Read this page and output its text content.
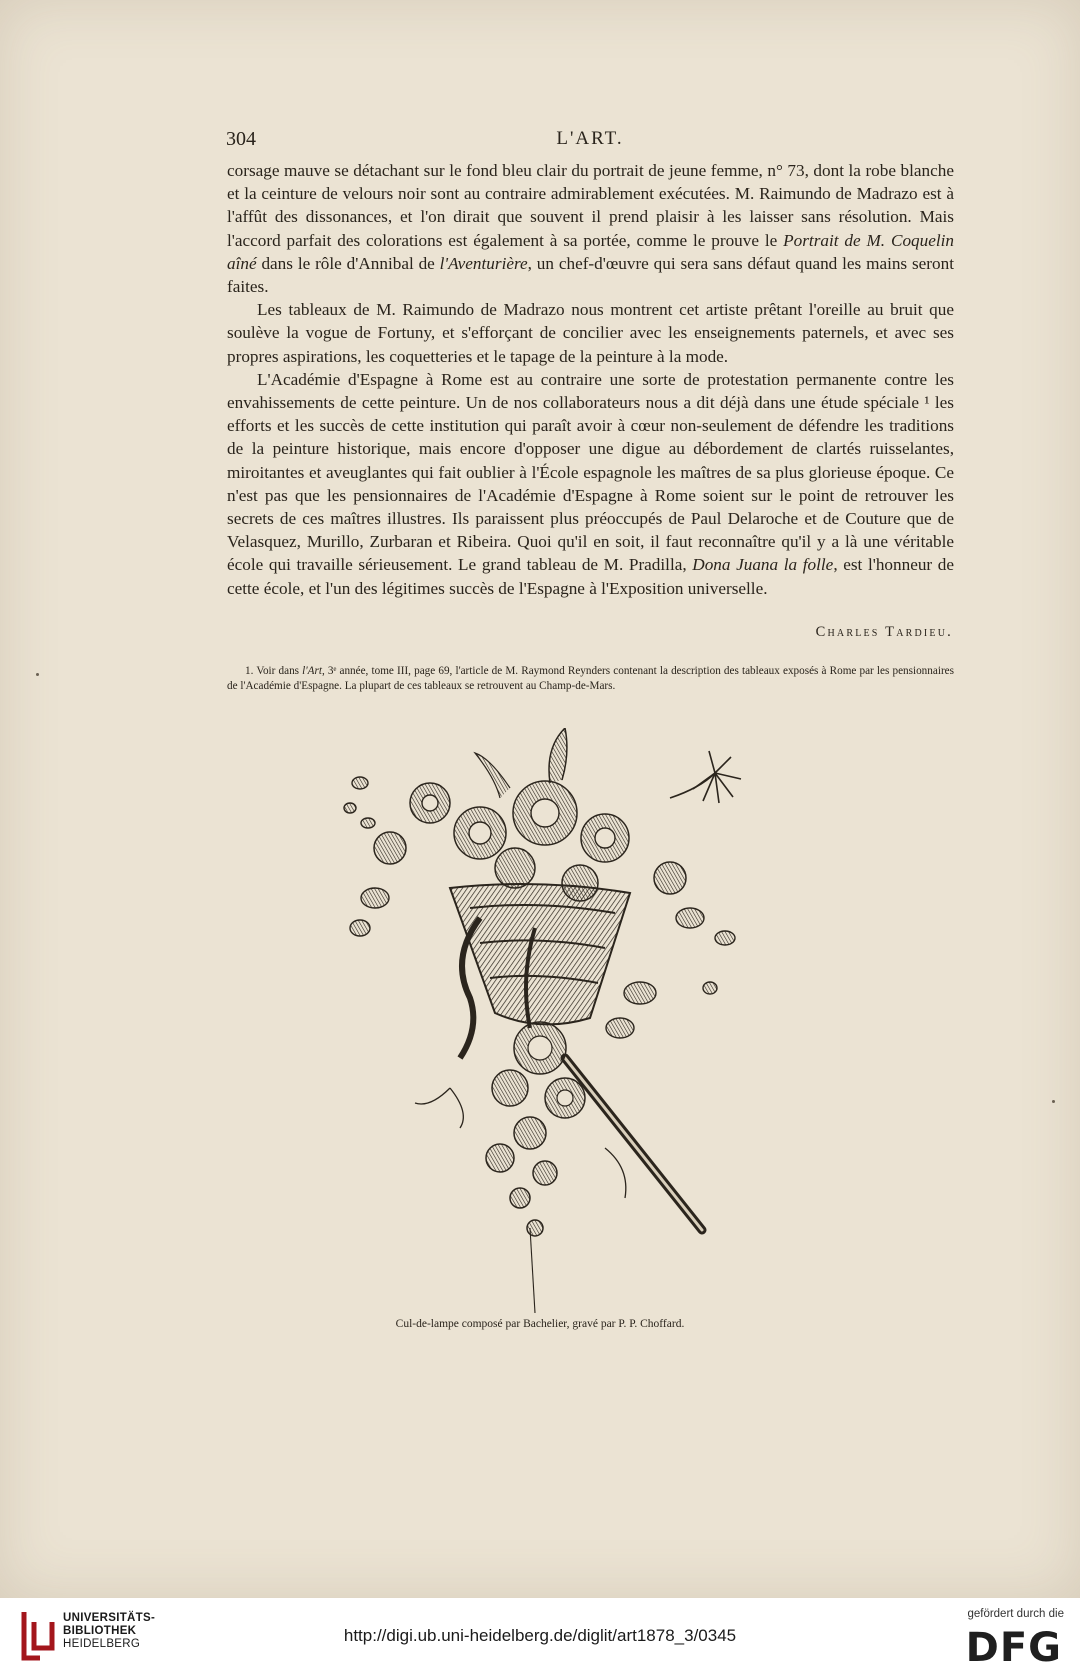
304	L'ART.

corsage mauve se détachant sur le fond bleu clair du portrait de jeune femme, n° 73, dont la robe blanche et la ceinture de velours noir sont au contraire admirablement exécutées. M. Raimundo de Madrazo est à l'affût des dissonances, et l'on dirait que souvent il prend plaisir à les laisser sans résolution. Mais l'accord parfait des colorations est également à sa portée, comme le prouve le Portrait de M. Coquelin aîné dans le rôle d'Annibal de l'Aventurière, un chef-d'œuvre qui sera sans défaut quand les mains seront faites.

Les tableaux de M. Raimundo de Madrazo nous montrent cet artiste prêtant l'oreille au bruit que soulève la vogue de Fortuny, et s'efforçant de concilier avec les enseignements paternels, et avec ses propres aspirations, les coquetteries et le tapage de la peinture à la mode.

L'Académie d'Espagne à Rome est au contraire une sorte de protestation permanente contre les envahissements de cette peinture. Un de nos collaborateurs nous a dit déjà dans une étude spéciale ¹ les efforts et les succès de cette institution qui paraît avoir à cœur non-seulement de défendre les traditions de la peinture historique, mais encore d'opposer une digue au débordement de clartés ruisselantes, miroitantes et aveuglantes qui fait oublier à l'École espagnole les maîtres de sa plus glorieuse époque. Ce n'est pas que les pensionnaires de l'Académie d'Espagne à Rome soient sur le point de retrouver les secrets de ces maîtres illustres. Ils paraissent plus préoccupés de Paul Delaroche et de Couture que de Velasquez, Murillo, Zurbaran et Ribeira. Quoi qu'il en soit, il faut reconnaître qu'il y a là une véritable école qui travaille sérieusement. Le grand tableau de M. Pradilla, Dona Juana la folle, est l'honneur de cette école, et l'un des légitimes succès de l'Espagne à l'Exposition universelle.

Charles Tardieu.
1. Voir dans l'Art, 3ᵉ année, tome III, page 69, l'article de M. Raymond Reynders contenant la description des tableaux exposés à Rome par les pensionnaires de l'Académie d'Espagne. La plupart de ces tableaux se retrouvent au Champ-de-Mars.
Cul-de-lampe composé par Bachelier, gravé par P. P. Choffard.
UNIVERSITÄTS-
BIBLIOTHEK
HEIDELBERG	http://digi.ub.uni-heidelberg.de/diglit/art1878_3/0345
gefördert durch die
DFG
